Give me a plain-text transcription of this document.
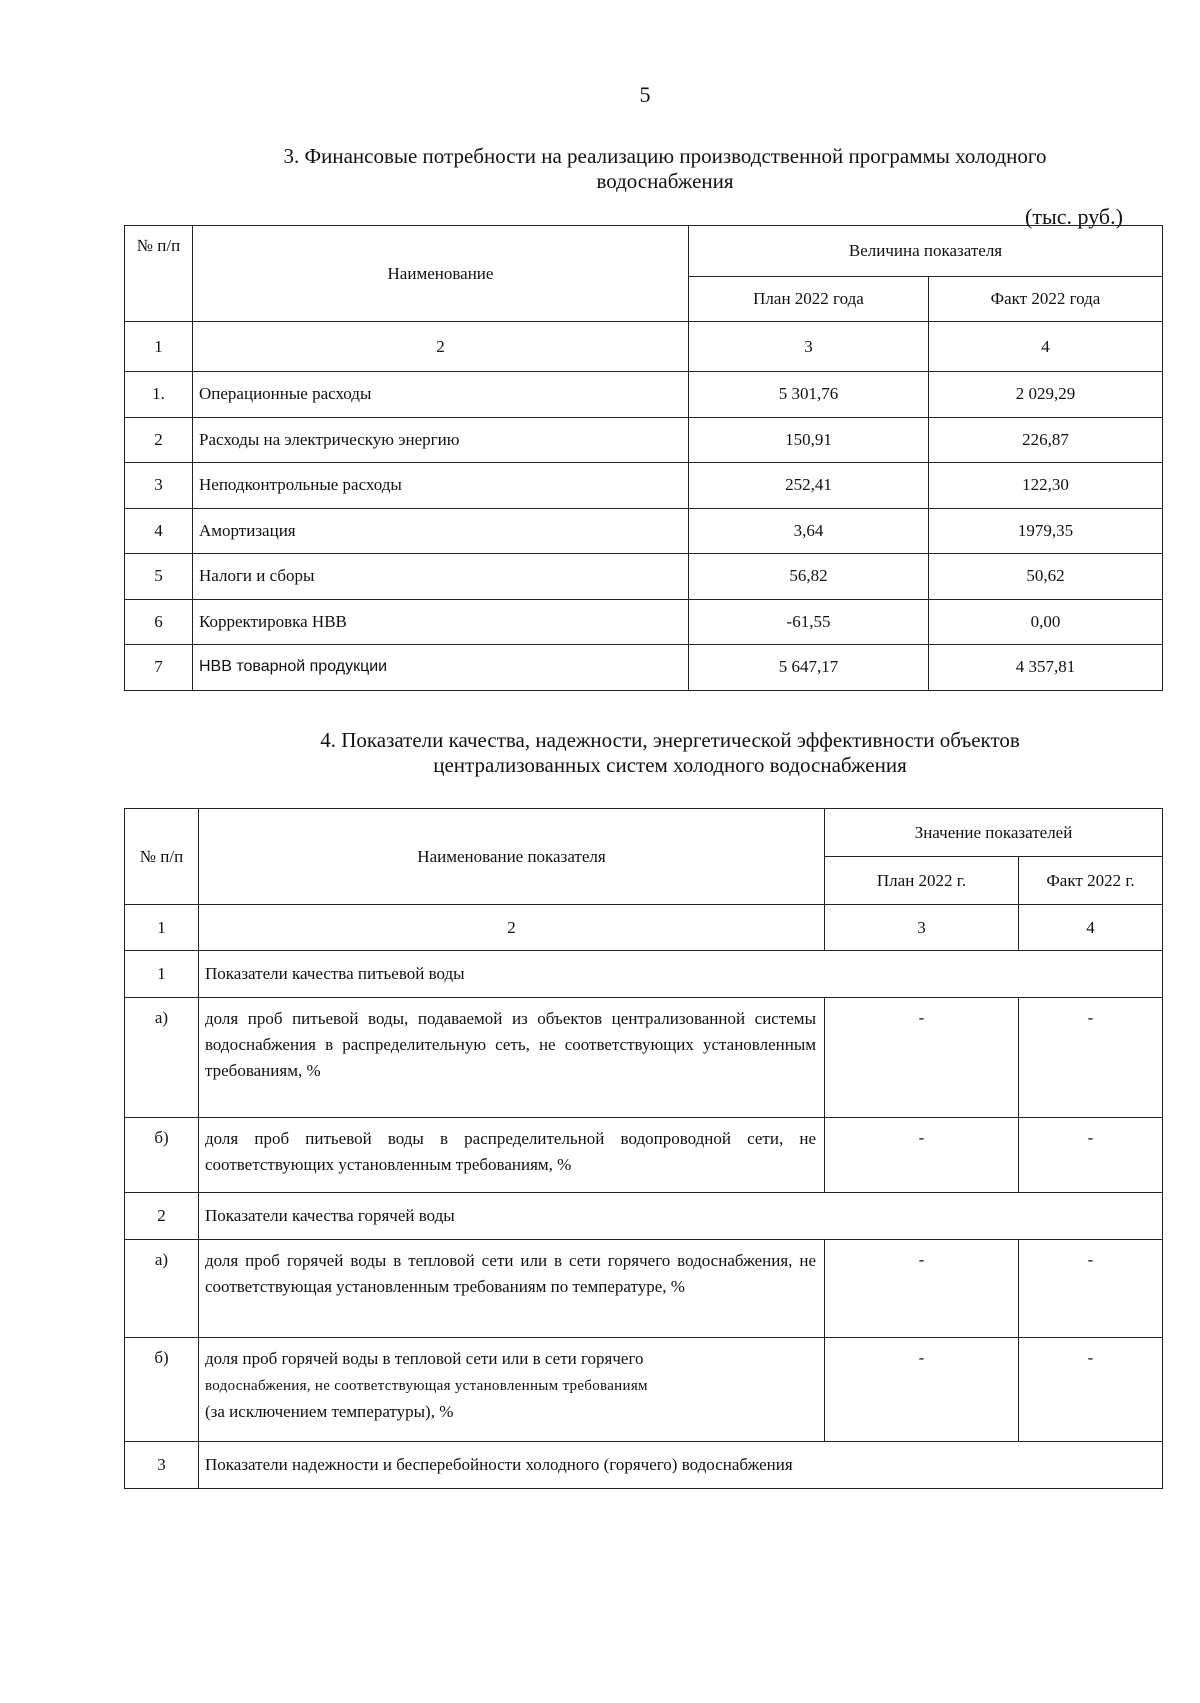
5
3. Финансовые потребности на реализацию производственной программы холодного
водоснабжения
(тыс. руб.)
№ п/п	Наименование	Величина показателя	
		План 2022 года	Факт 2022 года
1	2	3	4
1.	Операционные расходы	5 301,76	2 029,29
2	Расходы на электрическую энергию	150,91	226,87
3	Неподконтрольные расходы	252,41	122,30
4	Амортизация	3,64	1979,35
5	Налоги и сборы	56,82	50,62
6	Корректировка НВВ	-61,55	0,00
7	НВВ товарной продукции	5 647,17	4 357,81
4. Показатели качества, надежности, энергетической эффективности объектов
централизованных систем холодного водоснабжения
№ п/п	Наименование показателя	Значение показателей	
		План 2022 г.	Факт 2022 г.
1	2	3	4
1	Показатели качества питьевой воды		
а)	доля проб питьевой воды, подаваемой из объектов централизованной системы водоснабжения в распределительную сеть, не соответствующих установленным требованиям, %	-	-
б)	доля проб питьевой воды в распределительной водопроводной сети, не соответствующих установленным требованиям, %	-	-
2	Показатели качества горячей воды		
а)	доля проб горячей воды в тепловой сети или в сети горячего водоснабжения, не соответствующая установленным требованиям по температуре, %	-	-
б)	доля проб горячей воды в тепловой сети или в сети горячего
водоснабжения, не соответствующая установленным требованиям
(за исключением температуры), %	-	-
3	Показатели надежности и бесперебойности холодного (горячего) водоснабжения		
